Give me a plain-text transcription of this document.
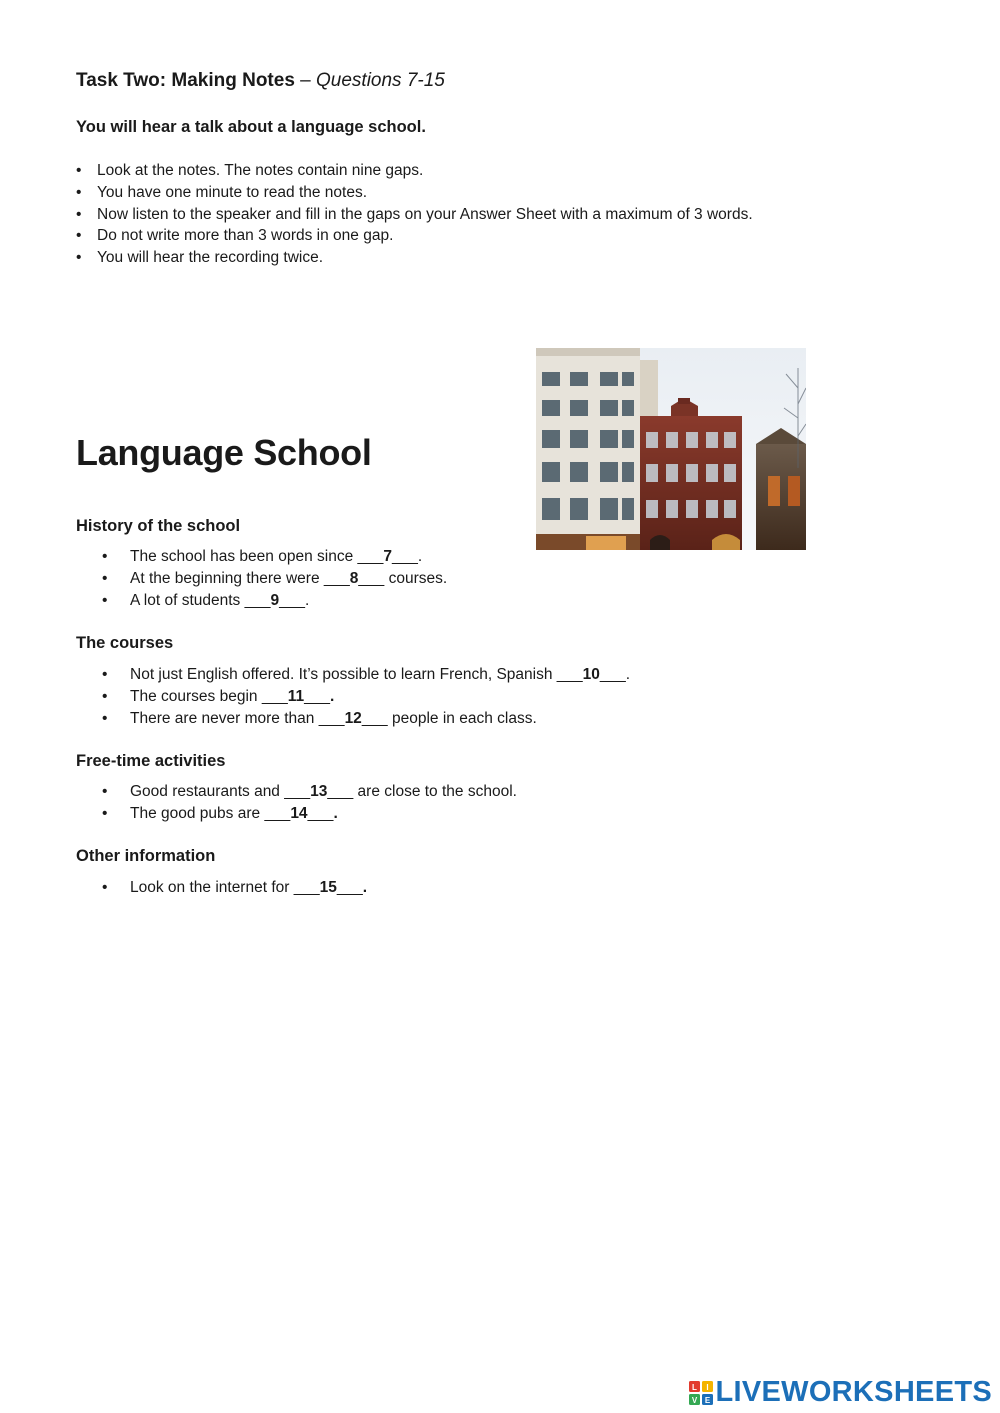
Task Two: Making Notes – Questions 7-15
You will hear a talk about a language school.
• Look at the notes. The notes contain nine gaps.
• You have one minute to read the notes.
• Now listen to the speaker and fill in the gaps on your Answer Sheet with a maximum of 3 words.
• Do not write more than 3 words in one gap.
• You will hear the recording twice.
Language School
History of the school
• The school has been open since ___7___.
• At the beginning there were ___8___ courses.
• A lot of students ___9___.
The courses
• Not just English offered. It’s possible to learn French, Spanish ___10___.
• The courses begin ___11___.
• There are never more than ___12___ people in each class.
Free-time activities
• Good restaurants and ___13___ are close to the school.
• The good pubs are ___14___.
Other information
• Look on the internet for ___15___.
L I
V E LIVEWORKSHEETS
